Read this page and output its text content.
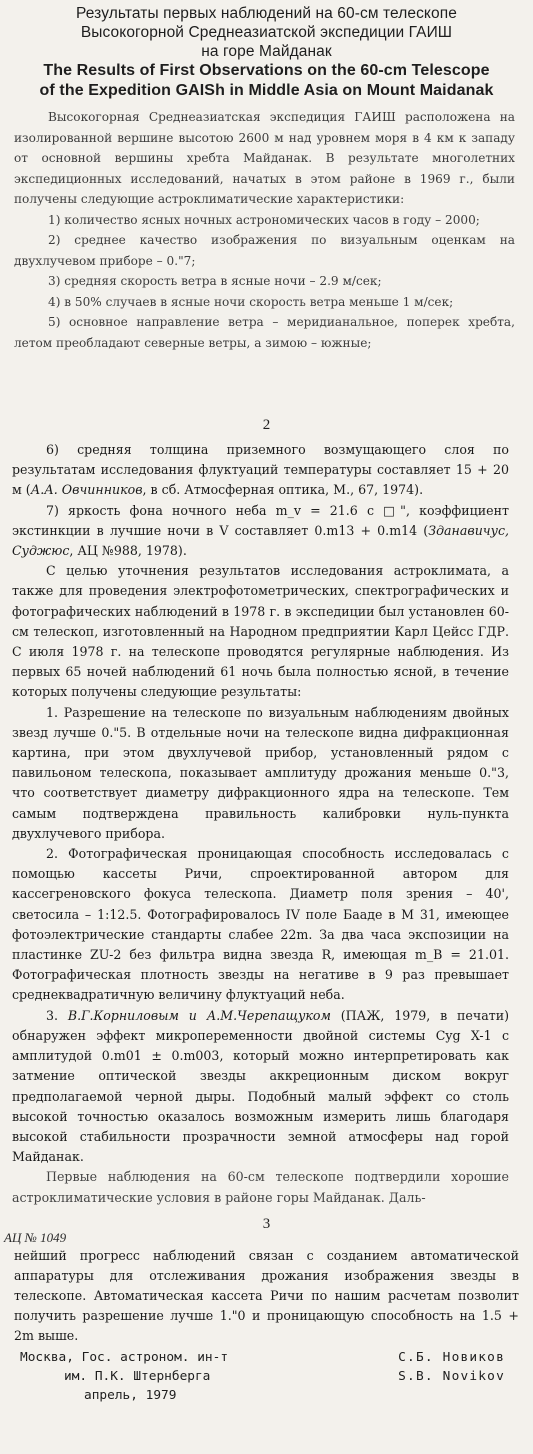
Результаты первых наблюдений на 60-см телескопе
Высокогорной Среднеазиатской экспедиции ГАИШ
на горе Майданак
The Results of First Observations on the 60-cm Telescope
of the Expedition GAISh in Middle Asia on Mount Maidanak

Высокогорная Среднеазиатская экспедиция ГАИШ расположена на изолированной вершине высотою 2600 м над уровнем моря в 4 км к западу от основной вершины хребта Майданак. В результате многолетних экспедиционных исследований, начатых в этом районе в 1969 г., были получены следующие астроклиматические характеристики:

1) количество ясных ночных астрономических часов в году – 2000;

2) среднее качество изображения по визуальным оценкам на двухлучевом приборе – 0."7;

3) средняя скорость ветра в ясные ночи – 2.9 м/сек;

4) в 50% случаев в ясные ночи скорость ветра меньше 1 м/сек;

5) основное направление ветра – меридианальное, поперек хребта, летом преобладают северные ветры, а зимою – южные;

2

6) средняя толщина приземного возмущающего слоя по результатам исследования флуктуаций температуры составляет 15 + 20 м (А.А. Овчинников, в сб. Атмосферная оптика, М., 67, 1974).

7) яркость фона ночного неба m_v = 21.6 с □", коэффициент экстинкции в лучшие ночи в V составляет 0.m13 + 0.m14 (Зданавичус, Суджюс, АЦ №988, 1978).

С целью уточнения результатов исследования астроклимата, а также для проведения электрофотометрических, спектрографических и фотографических наблюдений в 1978 г. в экспедиции был установлен 60-см телескоп, изготовленный на Народном предприятии Карл Цейсс ГДР. С июля 1978 г. на телескопе проводятся регулярные наблюдения. Из первых 65 ночей наблюдений 61 ночь была полностью ясной, в течение которых получены следующие результаты:

1. Разрешение на телескопе по визуальным наблюдениям двойных звезд лучше 0."5. В отдельные ночи на телескопе видна дифракционная картина, при этом двухлучевой прибор, установленный рядом с павильоном телескопа, показывает амплитуду дрожания меньше 0."3, что соответствует диаметру дифракционного ядра на телескопе. Тем самым подтверждена правильность калибровки нуль-пункта двухлучевого прибора.

2. Фотографическая проницающая способность исследовалась с помощью кассеты Ричи, спроектированной автором для кассегреновского фокуса телескопа. Диаметр поля зрения – 40', светосила – 1:12.5. Фотографировалось IV поле Бааде в M 31, имеющее фотоэлектрические стандарты слабее 22m. За два часа экспозиции на пластинке ZU-2 без фильтра видна звезда R, имеющая m_B = 21.01. Фотографическая плотность звезды на негативе в 9 раз превышает среднеквадратичную величину флуктуаций неба.

3. В.Г.Корниловым и А.М.Черепащуком (ПАЖ, 1979, в печати) обнаружен эффект микропеременности двойной системы Cyg X-1 с амплитудой 0.m01 ± 0.m003, который можно интерпретировать как затмение оптической звезды аккреционным диском вокруг предполагаемой черной дыры. Подобный малый эффект со столь высокой точностью оказалось возможным измерить лишь благодаря высокой стабильности прозрачности земной атмосферы над горой Майданак.

Первые наблюдения на 60-см телескопе подтвердили хорошие астроклиматические условия в районе горы Майданак. Даль-

АЦ № 1049
3

нейший прогресс наблюдений связан с созданием автоматической аппаратуры для отслеживания дрожания изображения звезды в телескопе. Автоматическая кассета Ричи по нашим расчетам позволит получить разрешение лучше 1."0 и проницающую способность на 1.5 + 2m выше.

Москва, Гос. астроном. ин-т
им. П.К. Штернберга
апрель, 1979
С.Б. Новиков
S.B. Novikov
